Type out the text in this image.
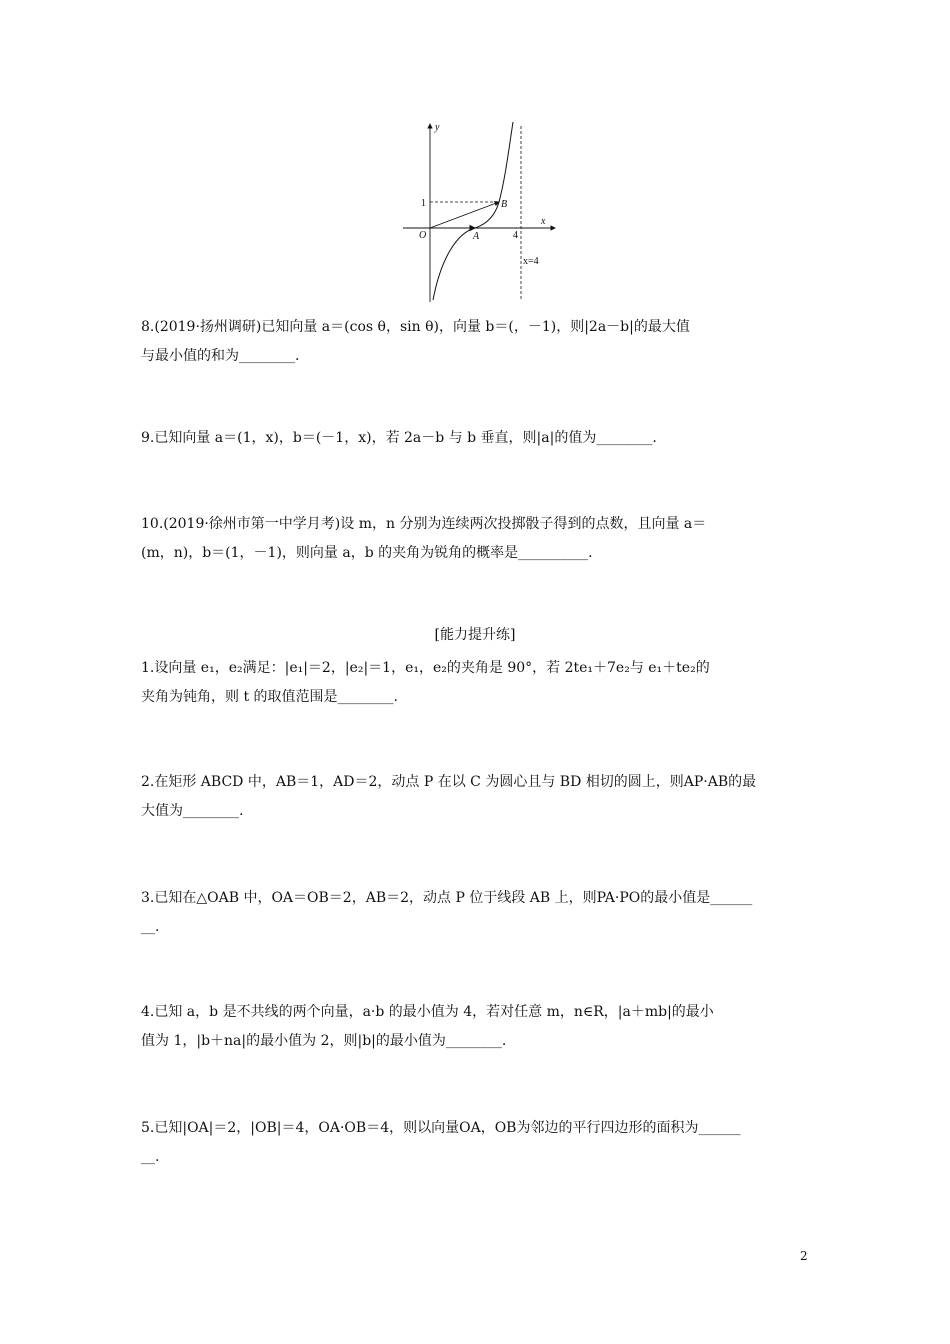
y
x
O
1
4
A
B
x=4

8.(2019·扬州调研)已知向量 a＝(cos θ，sin θ)，向量 b＝(，－1)，则|2a－b|的最大值
与最小值的和为________.

9.已知向量 a＝(1，x)，b＝(－1，x)，若 2a－b 与 b 垂直，则|a|的值为________.

10.(2019·徐州市第一中学月考)设 m，n 分别为连续两次投掷骰子得到的点数，且向量 a＝
(m，n)，b＝(1，－1)，则向量 a，b 的夹角为锐角的概率是__________.

[能力提升练]

1.设向量 e₁，e₂满足：|e₁|＝2，|e₂|＝1，e₁，e₂的夹角是 90°，若 2te₁＋7e₂与 e₁＋te₂的
夹角为钝角，则 t 的取值范围是________.

2.在矩形 ABCD 中，AB＝1，AD＝2，动点 P 在以 C 为圆心且与 BD 相切的圆上，则AP·AB的最
大值为________.

3.已知在△OAB 中，OA＝OB＝2，AB＝2，动点 P 位于线段 AB 上，则PA·PO的最小值是______
__.

4.已知 a，b 是不共线的两个向量，a·b 的最小值为 4，若对任意 m，n∈R，|a＋mb|的最小
值为 1，|b＋na|的最小值为 2，则|b|的最小值为________.

5.已知|OA|＝2，|OB|＝4，OA·OB＝4，则以向量OA，OB为邻边的平行四边形的面积为______
__.

2
